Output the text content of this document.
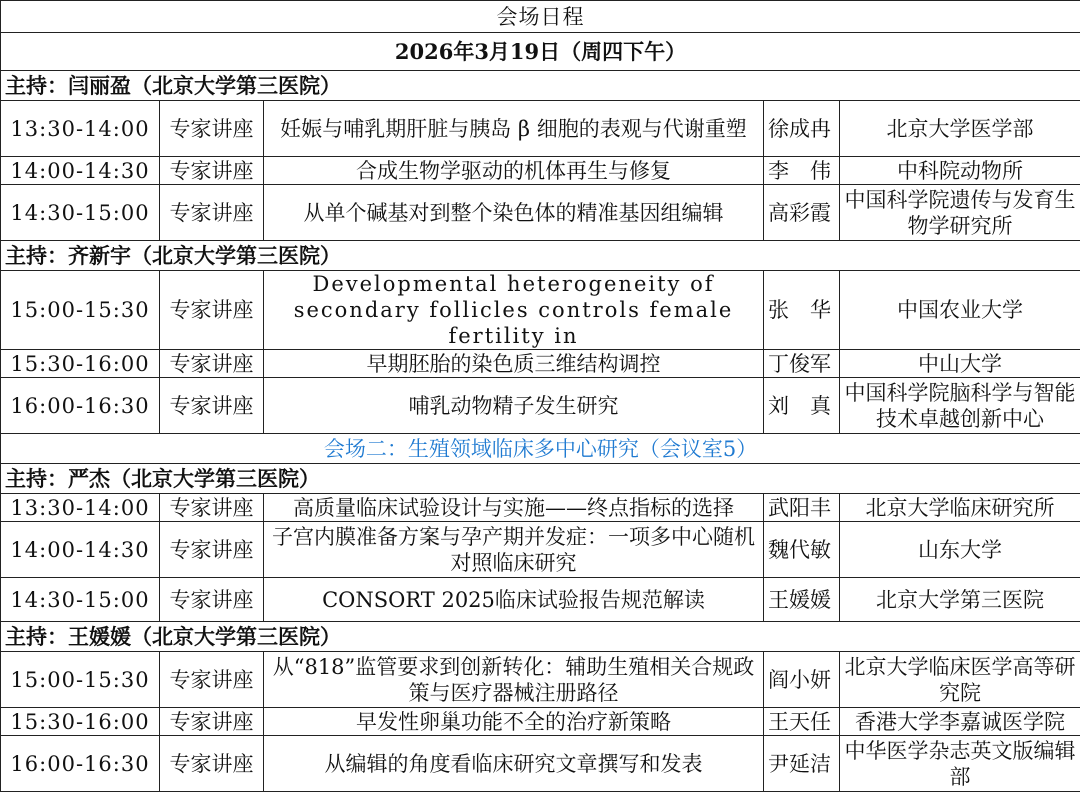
会场日程				
2026年3月19日（周四下午）				
主持：闫丽盈（北京大学第三医院）				
13:30-14:00	专家讲座	妊娠与哺乳期肝脏与胰岛 β 细胞的表观与代谢重塑	徐成冉	北京大学医学部
14:00-14:30	专家讲座	合成生物学驱动的机体再生与修复	李　伟	中科院动物所
14:30-15:00	专家讲座	从单个碱基对到整个染色体的精准基因组编辑	高彩霞	中国科学院遗传与发育生物学研究所
主持：齐新宇（北京大学第三医院）				
15:00-15:30	专家讲座	Developmental heterogeneity of secondary follicles controls female fertility in	张　华	中国农业大学
15:30-16:00	专家讲座	早期胚胎的染色质三维结构调控	丁俊军	中山大学
16:00-16:30	专家讲座	哺乳动物精子发生研究	刘　真	中国科学院脑科学与智能技术卓越创新中心
会场二：生殖领域临床多中心研究（会议室5）				
主持：严杰（北京大学第三医院）				
13:30-14:00	专家讲座	高质量临床试验设计与实施——终点指标的选择	武阳丰	北京大学临床研究所
14:00-14:30	专家讲座	子宫内膜准备方案与孕产期并发症：一项多中心随机对照临床研究	魏代敏	山东大学
14:30-15:00	专家讲座	CONSORT 2025临床试验报告规范解读	王媛媛	北京大学第三医院
主持：王媛媛（北京大学第三医院）				
15:00-15:30	专家讲座	从“818”监管要求到创新转化：辅助生殖相关合规政策与医疗器械注册路径	阎小妍	北京大学临床医学高等研究院
15:30-16:00	专家讲座	早发性卵巢功能不全的治疗新策略	王天任	香港大学李嘉诚医学院
16:00-16:30	专家讲座	从编辑的角度看临床研究文章撰写和发表	尹延洁	中华医学杂志英文版编辑部
